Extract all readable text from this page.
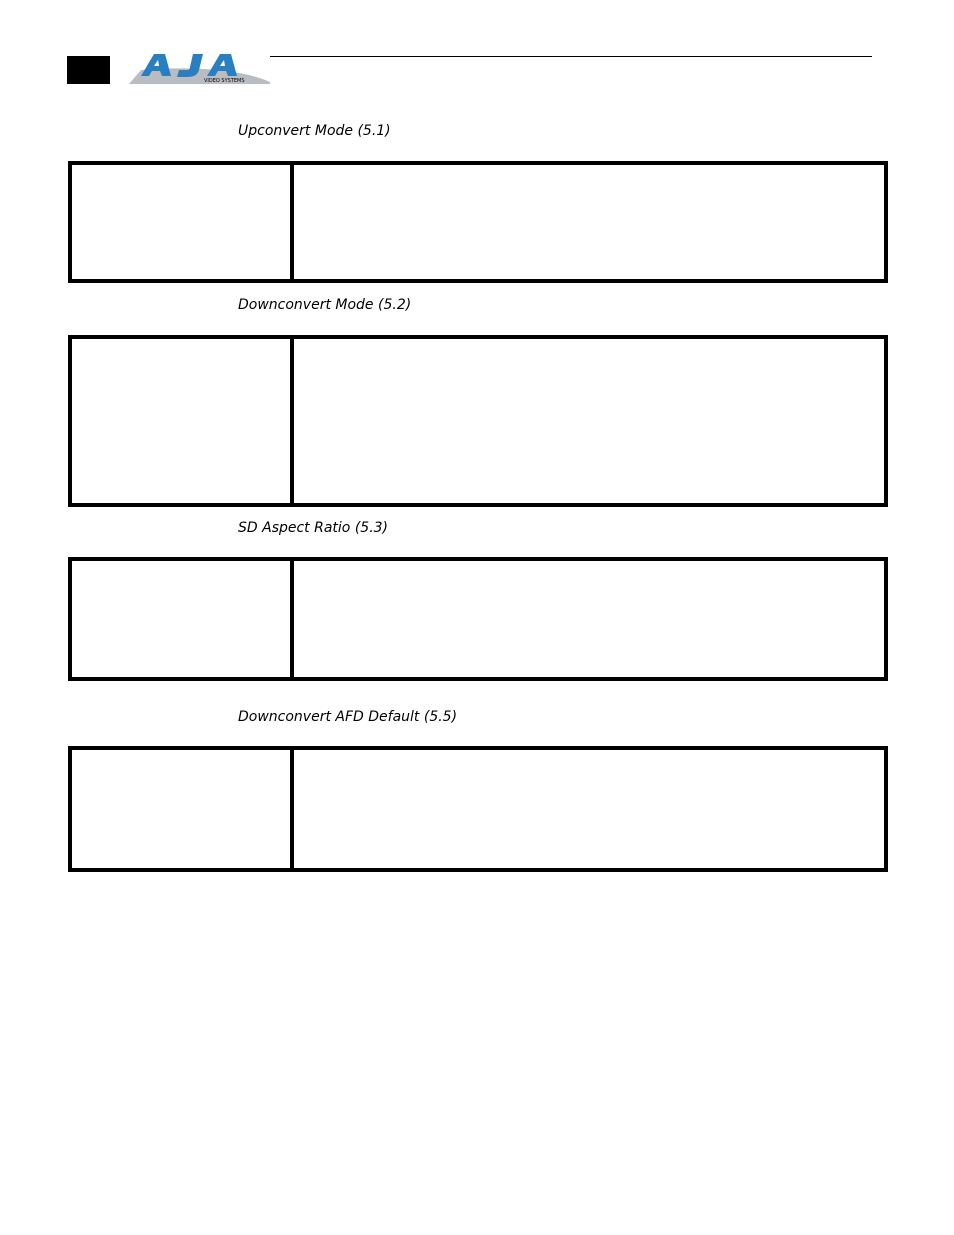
VIDEO SYSTEMS
Upconvert Mode (5.1)
Downconvert Mode (5.2)
SD Aspect Ratio (5.3)
Downconvert AFD Default (5.5)
